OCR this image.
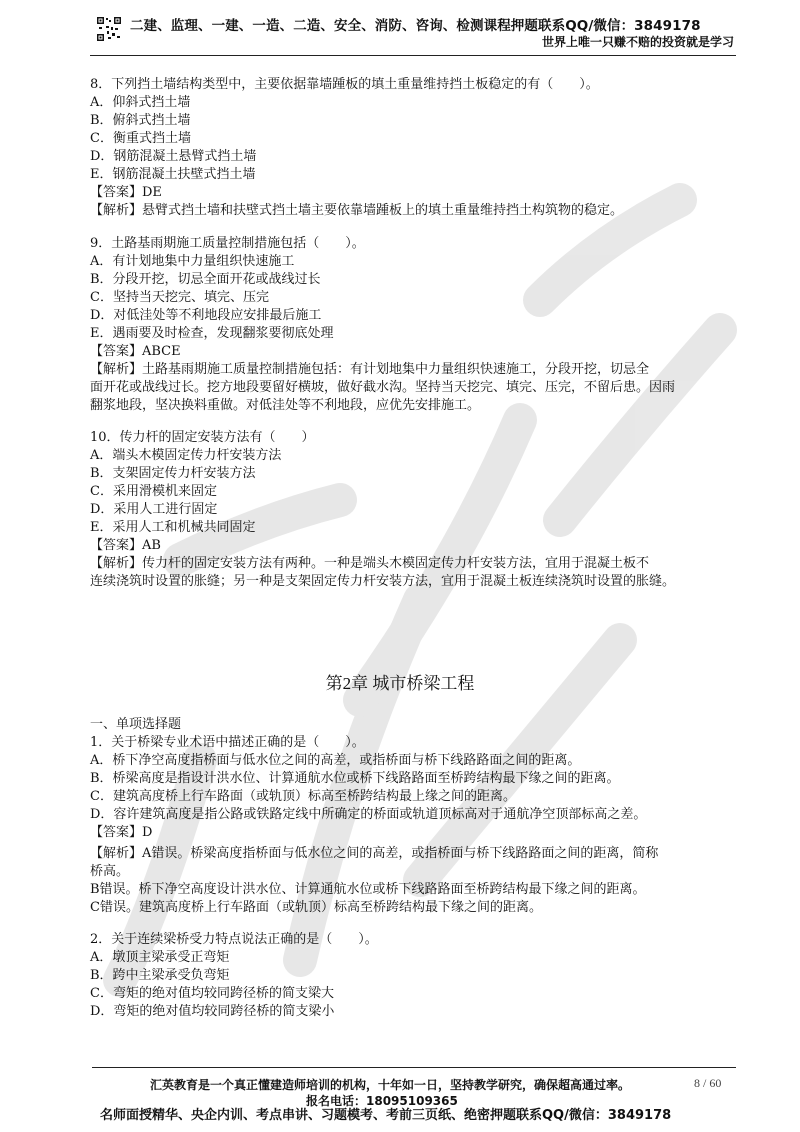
二建、监理、一建、一造、二造、安全、消防、咨询、检测课程押题联系QQ/微信：3849178
世界上唯一只赚不赔的投资就是学习
8．下列挡土墙结构类型中，主要依据靠墙踵板的填土重量维持挡土板稳定的有（　　）。
A．仰斜式挡土墙
B．俯斜式挡土墙
C．衡重式挡土墙
D．钢筋混凝土悬臂式挡土墙
E．钢筋混凝土扶壁式挡土墙
【答案】DE
【解析】悬臂式挡土墙和扶壁式挡土墙主要依靠墙踵板上的填土重量维持挡土构筑物的稳定。
9．土路基雨期施工质量控制措施包括（　　）。
A．有计划地集中力量组织快速施工
B．分段开挖，切忌全面开花或战线过长
C．坚持当天挖完、填完、压完
D．对低洼处等不利地段应安排最后施工
E．遇雨要及时检查，发现翻浆要彻底处理
【答案】ABCE
【解析】土路基雨期施工质量控制措施包括：有计划地集中力量组织快速施工，分段开挖，切忌全
面开花或战线过长。挖方地段要留好横坡，做好截水沟。坚持当天挖完、填完、压完，不留后患。因雨
翻浆地段，坚决换料重做。对低洼处等不利地段，应优先安排施工。
10．传力杆的固定安装方法有（　　）
A．端头木模固定传力杆安装方法
B．支架固定传力杆安装方法
C．采用滑模机来固定
D．采用人工进行固定
E．采用人工和机械共同固定
【答案】AB
【解析】传力杆的固定安装方法有两种。一种是端头木模固定传力杆安装方法，宜用于混凝土板不
连续浇筑时设置的胀缝；另一种是支架固定传力杆安装方法，宜用于混凝土板连续浇筑时设置的胀缝。
第2章 城市桥梁工程
一、单项选择题
1．关于桥梁专业术语中描述正确的是（　　）。
A．桥下净空高度指桥面与低水位之间的高差，或指桥面与桥下线路路面之间的距离。
B．桥梁高度是指设计洪水位、计算通航水位或桥下线路路面至桥跨结构最下缘之间的距离。
C．建筑高度桥上行车路面（或轨顶）标高至桥跨结构最上缘之间的距离。
D．容许建筑高度是指公路或铁路定线中所确定的桥面或轨道顶标高对于通航净空顶部标高之差。
【答案】D
【解析】A错误。桥梁高度指桥面与低水位之间的高差，或指桥面与桥下线路路面之间的距离，简称
桥高。
B错误。桥下净空高度设计洪水位、计算通航水位或桥下线路路面至桥跨结构最下缘之间的距离。
C错误。建筑高度桥上行车路面（或轨顶）标高至桥跨结构最下缘之间的距离。
2．关于连续梁桥受力特点说法正确的是（　　）。
A．墩顶主梁承受正弯矩
B．跨中主梁承受负弯矩
C．弯矩的绝对值均较同跨径桥的简支梁大
D．弯矩的绝对值均较同跨径桥的简支梁小
汇英教育是一个真正懂建造师培训的机构，十年如一日，坚持教学研究，确保超高通过率。	8 / 60
报名电话：18095109365
名师面授精华、央企内训、考点串讲、习题模考、考前三页纸、绝密押题联系QQ/微信：3849178
